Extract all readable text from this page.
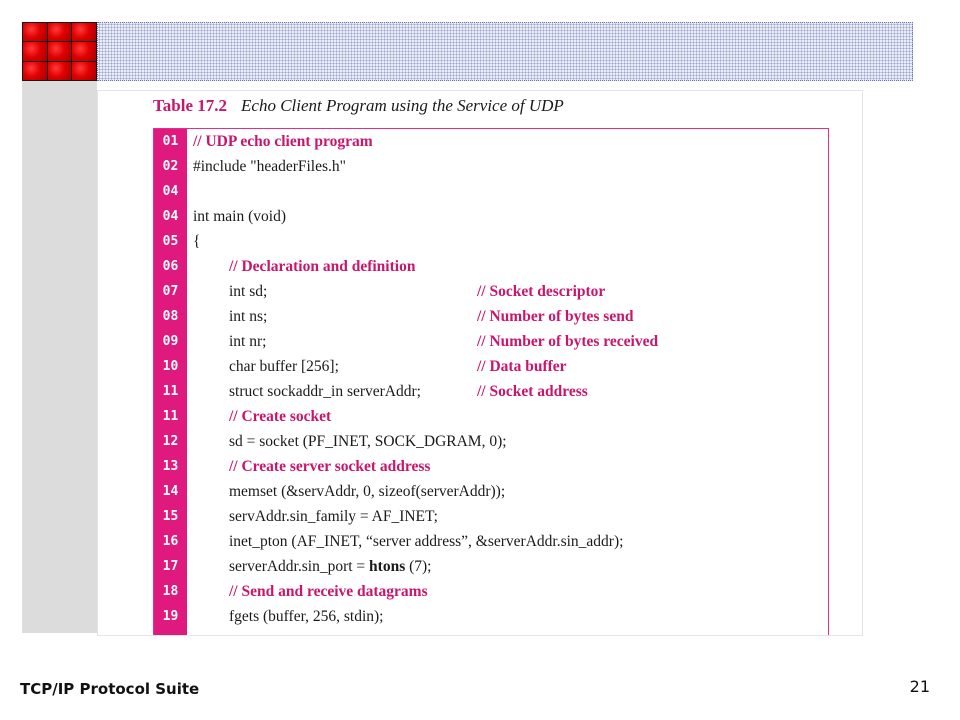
Table 17.2 Echo Client Program using the Service of UDP
01 // UDP echo client program
02 #include "headerFiles.h"
04
04 int main (void)
05 {
06	// Declaration and definition
07	int sd;	// Socket descriptor
08	int ns;	// Number of bytes send
09	int nr;	// Number of bytes received
10	char buffer [256];	// Data buffer
11	struct sockaddr_in serverAddr;	// Socket address
11	// Create socket
12	sd = socket (PF_INET, SOCK_DGRAM, 0);
13	// Create server socket address
14	memset (&servAddr, 0, sizeof(serverAddr));
15	servAddr.sin_family = AF_INET;
16	inet_pton (AF_INET, “server address”, &serverAddr.sin_addr);
17	serverAddr.sin_port = htons (7);
18	// Send and receive datagrams
19	fgets (buffer, 256, stdin);
TCP/IP Protocol Suite	21
